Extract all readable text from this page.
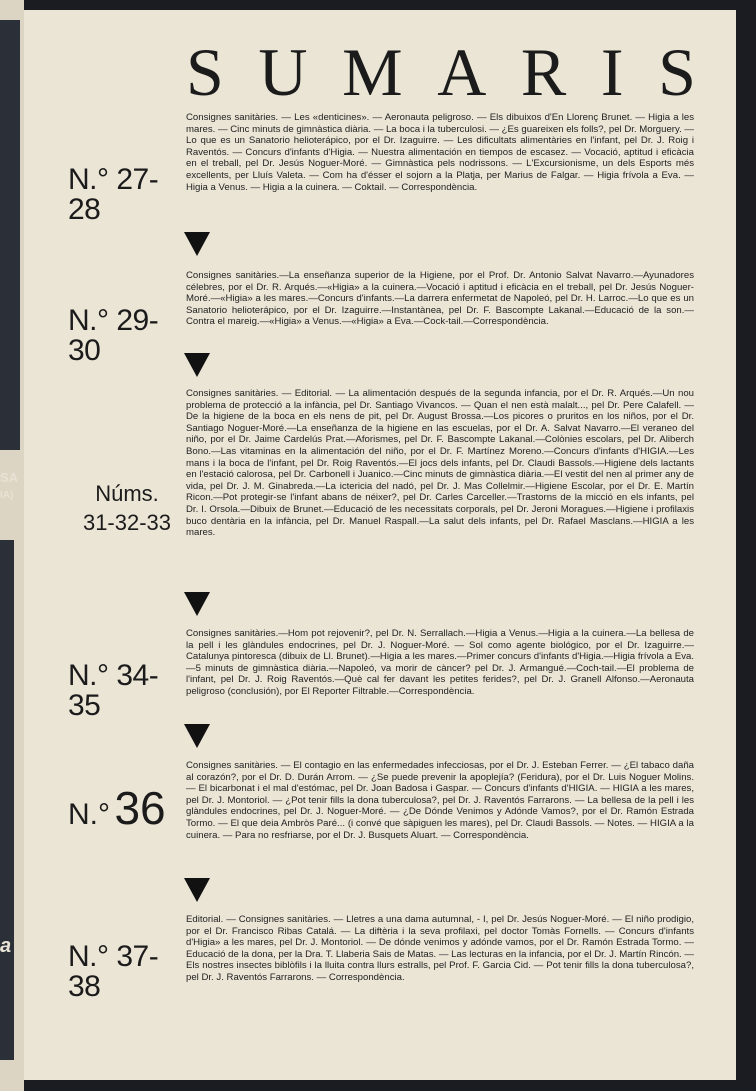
SA
IA)
a
S U M A R I S
N.° 27-28
Consignes sanitàries. — Les «denticines». — Aeronauta peligroso. — Els dibuixos d'En Llorenç Brunet. — Higia a les mares. — Cinc minuts de gimnàstica diària. — La boca i la tuberculosi. — ¿Es guareixen els folls?, pel Dr. Morguery. — Lo que es un Sanatorio helioterápico, por el Dr. Izaguirre. — Les dificultats alimentàries en l'infant, pel Dr. J. Roig i Raventós. — Concurs d'infants d'Higia. — Nuestra alimentación en tiempos de escasez. — Vocació, aptitud i eficàcia en el treball, pel Dr. Jesús Noguer-Moré. — Gimnàstica pels nodrissons. — L'Excursionisme, un dels Esports més excellents, per Lluís Valeta. — Com ha d'ésser el sojorn a la Platja, per Marius de Falgar. — Higia frívola a Eva. — Higia a Venus. — Higia a la cuinera. — Coktail. — Correspondència.
N.° 29-30
Consignes sanitàries.—La enseñanza superior de la Higiene, por el Prof. Dr. Antonio Salvat Navarro.—Ayunadores célebres, por el Dr. R. Arqués.—«Higia» a la cuinera.—Vocació i aptitud i eficàcia en el treball, pel Dr. Jesús Noguer-Moré.—«Higia» a les mares.—Concurs d'infants.—La darrera enfermetat de Napoleó, pel Dr. H. Larroc.—Lo que es un Sanatorio helioterápico, por el Dr. Izaguirre.—Instantànea, pel Dr. F. Bascompte Lakanal.—Educació de la son.—Contra el mareig.—«Higia» a Venus.—«Higia» a Eva.—Cock-tail.—Correspondència.
Núms.
31-32-33
Consignes sanitàries. — Editorial. — La alimentación después de la segunda infancia, por el Dr. R. Arqués.—Un nou problema de protecció a la infància, pel Dr. Santiago Vivancos. — Quan el nen està malalt..., pel Dr. Pere Calafell. — De la higiene de la boca en els nens de pit, pel Dr. August Brossa.—Los picores o pruritos en los niños, por el Dr. Santiago Noguer-Moré.—La enseñanza de la higiene en las escuelas, por el Dr. A. Salvat Navarro.—El veraneo del niño, por el Dr. Jaime Cardelús Prat.—Aforismes, pel Dr. F. Bascompte Lakanal.—Colònies escolars, pel Dr. Aliberch Bono.—Las vitaminas en la alimentación del niño, por el Dr. F. Martínez Moreno.—Concurs d'infants d'HIGIA.—Les mans i la boca de l'infant, pel Dr. Roig Raventós.—El jocs dels infants, pel Dr. Claudi Bassols.—Higiene dels lactants en l'estació calorosa, pel Dr. Carbonell i Juanico.—Cinc minuts de gimnàstica diària.—El vestit del nen al primer any de vida, pel Dr. J. M. Ginabreda.—La ictericia del nadó, pel Dr. J. Mas Collelmir.—Higiene Escolar, por el Dr. E. Martín Ricon.—Pot protegir-se l'infant abans de néixer?, pel Dr. Carles Carceller.—Trastorns de la micció en els infants, pel Dr. I. Orsola.—Dibuix de Brunet.—Educació de les necessitats corporals, pel Dr. Jeroni Moragues.—Higiene i profilaxis buco dentària en la infància, pel Dr. Manuel Raspall.—La salut dels infants, pel Dr. Rafael Masclans.—HIGIA a les mares.
N.° 34-35
Consignes sanitàries.—Hom pot rejovenir?, pel Dr. N. Serrallach.—Higia a Venus.—Higia a la cuinera.—La bellesa de la pell i les glàndules endocrines, pel Dr. J. Noguer-Moré. — Sol como agente biológico, por el Dr. Izaguirre.—Catalunya pintoresca (dibuix de Ll. Brunet).—Higia a les mares.—Primer concurs d'infants d'Higia.—Higia frívola a Eva.—5 minuts de gimnàstica diària.—Napoleó, va morir de càncer? pel Dr. J. Armangué.—Coch-tail.—El problema de l'infant, pel Dr. J. Roig Raventós.—Què cal fer davant les petites ferides?, pel Dr. J. Granell Alfonso.—Aeronauta peligroso (conclusión), por El Reporter Filtrable.—Correspondència.
N.° 36
Consignes sanitàries. — El contagio en las enfermedades infecciosas, por el Dr. J. Esteban Ferrer. — ¿El tabaco daña al corazón?, por el Dr. D. Durán Arrom. — ¿Se puede prevenir la apoplejía? (Feridura), por el Dr. Luis Noguer Molins. — El bicarbonat i el mal d'estómac, pel Dr. Joan Badosa i Gaspar. — Concurs d'infants d'HIGIA. — HIGIA a les mares, pel Dr. J. Montoriol. — ¿Pot tenir fills la dona tuberculosa?, pel Dr. J. Raventós Farrarons. — La bellesa de la pell i les glàndules endocrines, pel Dr. J. Noguer-Moré. — ¿De Dónde Venimos y Adónde Vamos?, por el Dr. Ramón Estrada Tormo. — El que deia Ambròs Paré... (i convé que sàpiguen les mares), pel Dr. Claudi Bassols. — Notes. — HIGIA a la cuinera. — Para no resfriarse, por el Dr. J. Busquets Aluart. — Correspondència.
N.° 37-38
Editorial. — Consignes sanitàries. — Lletres a una dama autumnal, - I, pel Dr. Jesús Noguer-Moré. — El niño prodigio, por el Dr. Francisco Ribas Catalá. — La diftèria i la seva profilaxi, pel doctor Tomàs Fornells. — Concurs d'infants d'Higia» a les mares, pel Dr. J. Montoriol. — De dónde venimos y adónde vamos, por el Dr. Ramón Estrada Tormo. — Educació de la dona, per la Dra. T. Llaberia Sais de Matas. — Las lecturas en la infancia, por el Dr. J. Martín Rincón. — Els nostres insectes biblòfils i la lluita contra llurs estralls, pel Prof. F. Garcia Cid. — Pot tenir fills la dona tuberculosa?, pel Dr. J. Raventós Farrarons. — Correspondència.
